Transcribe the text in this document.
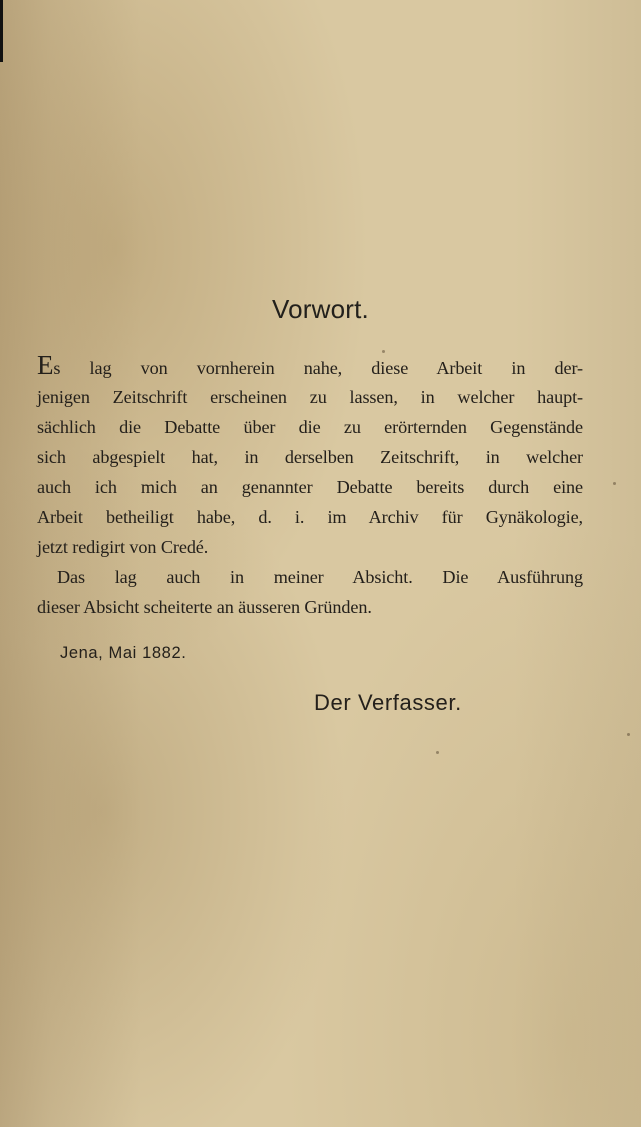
Vorwort.
Es lag von vornherein nahe, diese Arbeit in der-
jenigen Zeitschrift erscheinen zu lassen, in welcher haupt-
sächlich die Debatte über die zu erörternden Gegenstände
sich abgespielt hat, in derselben Zeitschrift, in welcher
auch ich mich an genannter Debatte bereits durch eine
Arbeit betheiligt habe, d. i. im Archiv für Gynäkologie,
jetzt redigirt von Credé.
Das lag auch in meiner Absicht. Die Ausführung
dieser Absicht scheiterte an äusseren Gründen.
Jena, Mai 1882.
Der Verfasser.
